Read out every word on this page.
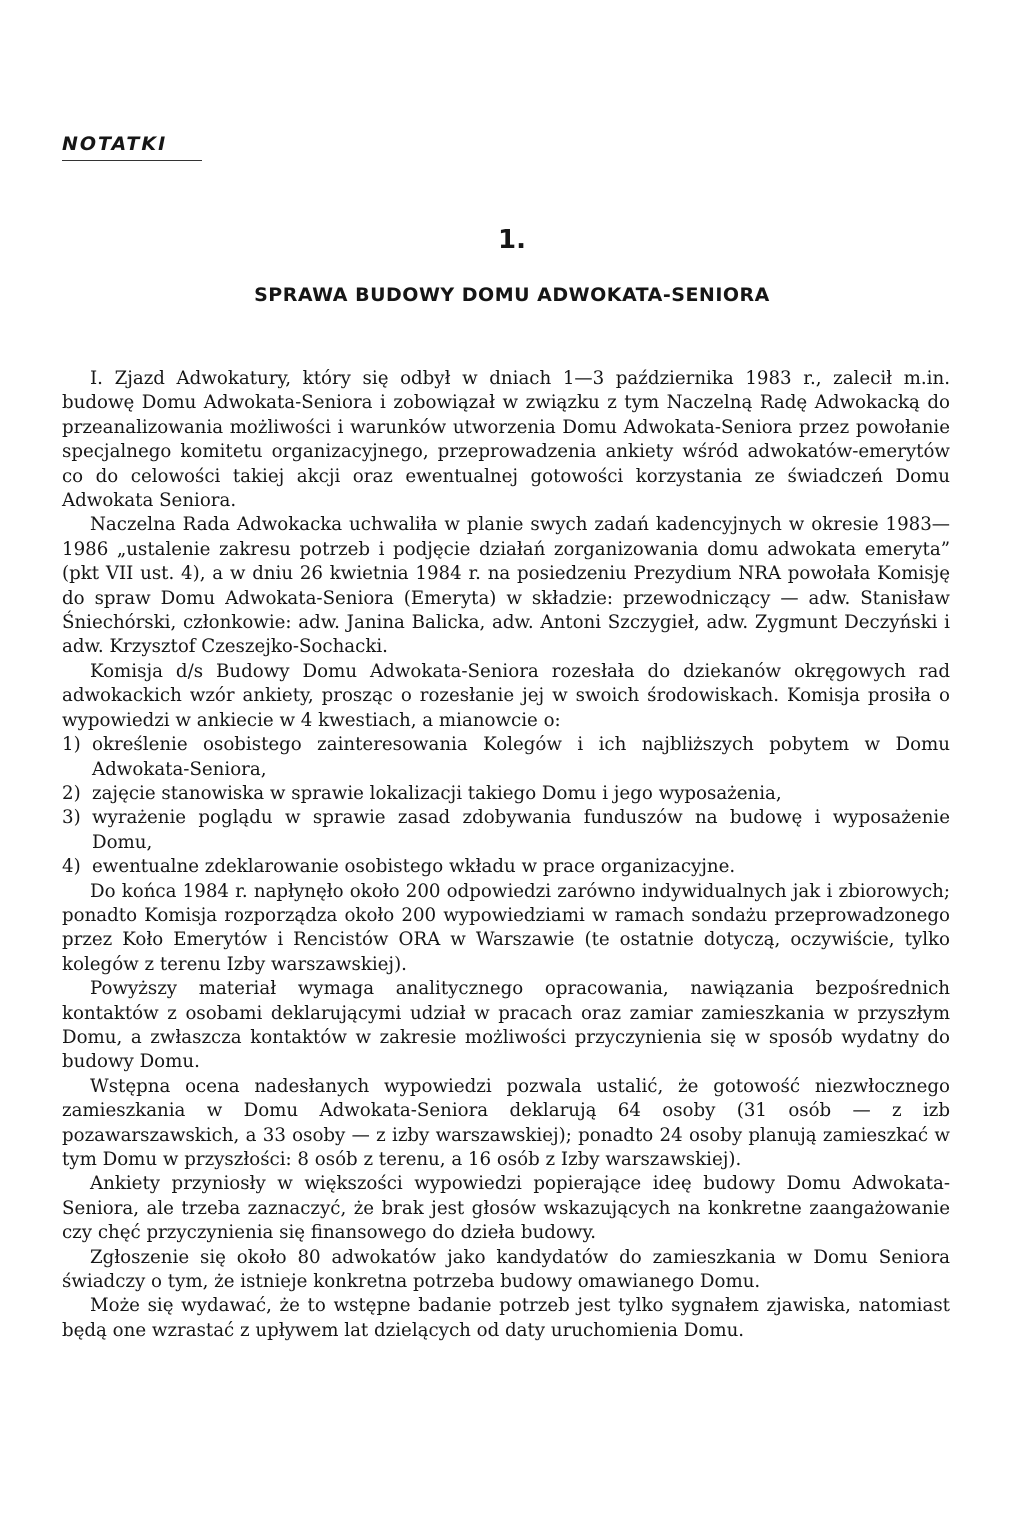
NOTATKI
1.
SPRAWA BUDOWY DOMU ADWOKATA-SENIORA

I. Zjazd Adwokatury, który się odbył w dniach 1—3 października 1983 r., zalecił m.in. budowę Domu Adwokata-Seniora i zobowiązał w związku z tym Naczelną Radę Adwokacką do przeanalizowania możliwości i warunków utworzenia Domu Adwokata-Seniora przez powołanie specjalnego komitetu organizacyjnego, przeprowadzenia ankiety wśród adwokatów-emerytów co do celowości takiej akcji oraz ewentualnej gotowości korzystania ze świadczeń Domu Adwokata Seniora.

Naczelna Rada Adwokacka uchwaliła w planie swych zadań kadencyjnych w okresie 1983—1986 „ustalenie zakresu potrzeb i podjęcie działań zorganizowania domu adwokata emeryta” (pkt VII ust. 4), a w dniu 26 kwietnia 1984 r. na posiedzeniu Prezydium NRA powołała Komisję do spraw Domu Adwokata-Seniora (Emeryta) w składzie: przewodniczący — adw. Stanisław Śniechórski, członkowie: adw. Janina Balicka, adw. Antoni Szczygieł, adw. Zygmunt Deczyński i adw. Krzysztof Czeszejko-Sochacki.

Komisja d/s Budowy Domu Adwokata-Seniora rozesłała do dziekanów okręgowych rad adwokackich wzór ankiety, prosząc o rozesłanie jej w swoich środowiskach. Komisja prosiła o wypowiedzi w ankiecie w 4 kwestiach, a mianowcie o:

1) określenie osobistego zainteresowania Kolegów i ich najbliższych pobytem w Domu Adwokata-Seniora,
2) zajęcie stanowiska w sprawie lokalizacji takiego Domu i jego wyposażenia,
3) wyrażenie poglądu w sprawie zasad zdobywania funduszów na budowę i wyposażenie Domu,
4) ewentualne zdeklarowanie osobistego wkładu w prace organizacyjne.

Do końca 1984 r. napłynęło około 200 odpowiedzi zarówno indywidualnych jak i zbiorowych; ponadto Komisja rozporządza około 200 wypowiedziami w ramach sondażu przeprowadzonego przez Koło Emerytów i Rencistów ORA w Warszawie (te ostatnie dotyczą, oczywiście, tylko kolegów z terenu Izby warszawskiej).

Powyższy materiał wymaga analitycznego opracowania, nawiązania bezpośrednich kontaktów z osobami deklarującymi udział w pracach oraz zamiar zamieszkania w przyszłym Domu, a zwłaszcza kontaktów w zakresie możliwości przyczynienia się w sposób wydatny do budowy Domu.

Wstępna ocena nadesłanych wypowiedzi pozwala ustalić, że gotowość niezwłocznego zamieszkania w Domu Adwokata-Seniora deklarują 64 osoby (31 osób — z izb pozawarszawskich, a 33 osoby — z izby warszawskiej); ponadto 24 osoby planują zamieszkać w tym Domu w przyszłości: 8 osób z terenu, a 16 osób z Izby warszawskiej).

Ankiety przyniosły w większości wypowiedzi popierające ideę budowy Domu Adwokata-Seniora, ale trzeba zaznaczyć, że brak jest głosów wskazujących na konkretne zaangażowanie czy chęć przyczynienia się finansowego do dzieła budowy.

Zgłoszenie się około 80 adwokatów jako kandydatów do zamieszkania w Domu Seniora świadczy o tym, że istnieje konkretna potrzeba budowy omawianego Domu.

Może się wydawać, że to wstępne badanie potrzeb jest tylko sygnałem zjawiska, natomiast będą one wzrastać z upływem lat dzielących od daty uruchomienia Domu.
